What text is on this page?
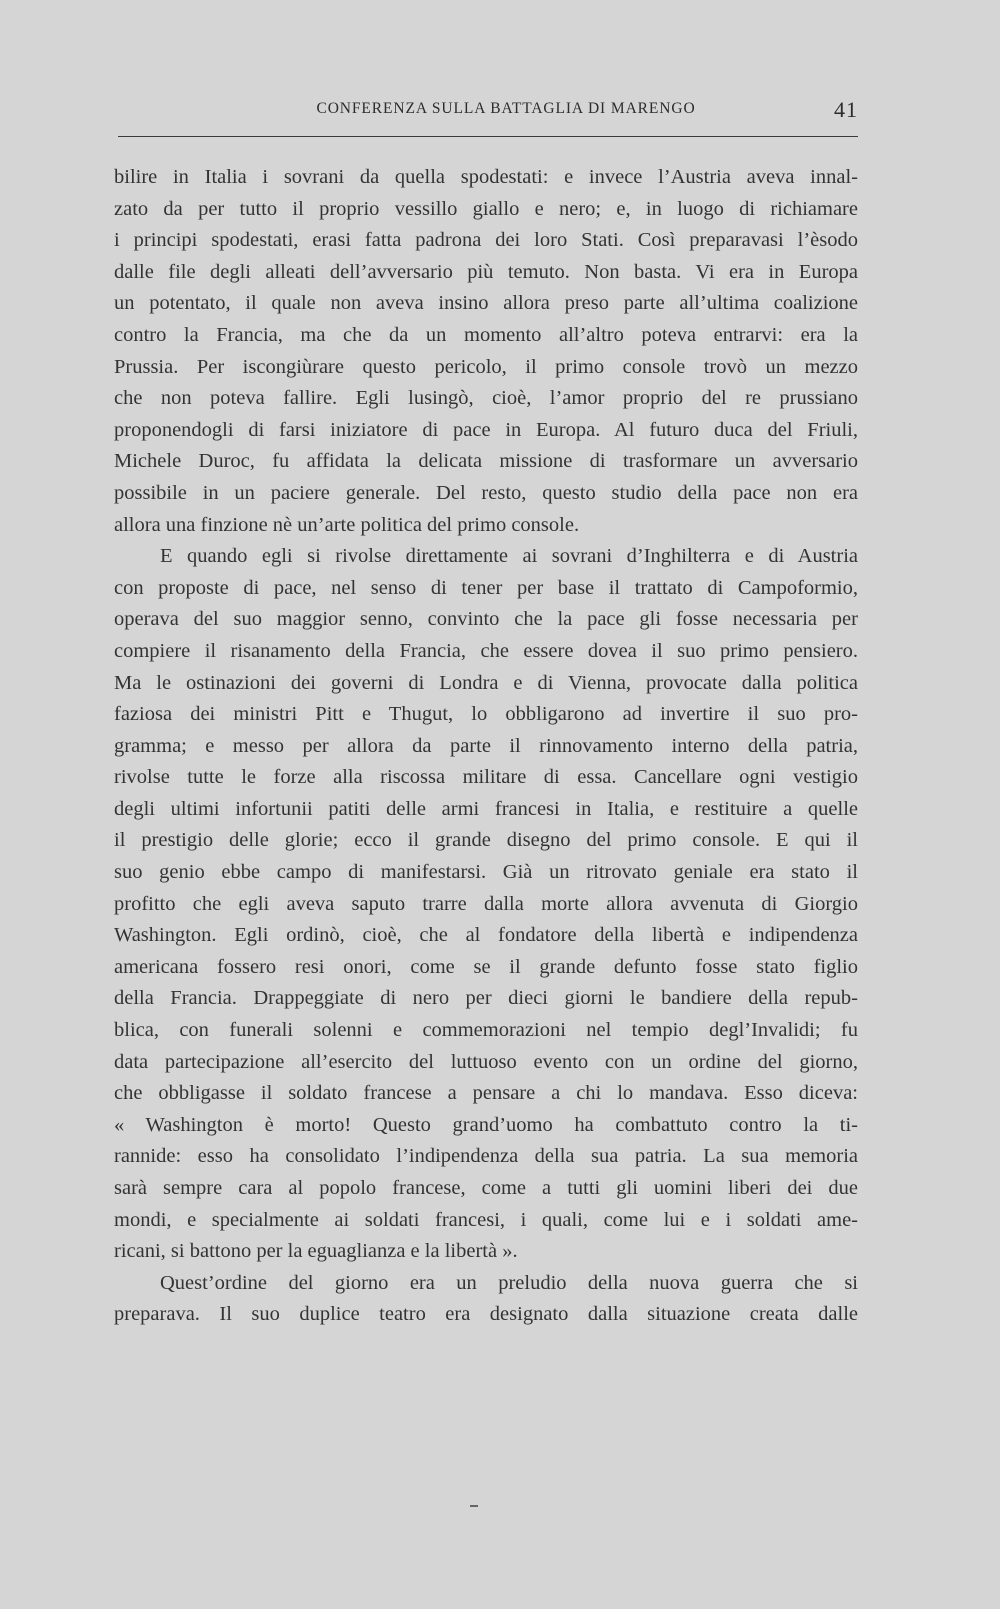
CONFERENZA SULLA BATTAGLIA DI MARENGO	41
bilire in Italia i sovrani da quella spodestati: e invece l’Austria aveva innal-
zato da per tutto il proprio vessillo giallo e nero; e, in luogo di richiamare
i principi spodestati, erasi fatta padrona dei loro Stati. Così preparavasi l’èsodo
dalle file degli alleati dell’avversario più temuto. Non basta. Vi era in Europa
un potentato, il quale non aveva insino allora preso parte all’ultima coalizione
contro la Francia, ma che da un momento all’altro poteva entrarvi: era la
Prussia. Per iscongiùrare questo pericolo, il primo console trovò un mezzo
che non poteva fallire. Egli lusingò, cioè, l’amor proprio del re prussiano
proponendogli di farsi iniziatore di pace in Europa. Al futuro duca del Friuli,
Michele Duroc, fu affidata la delicata missione di trasformare un avversario
possibile in un paciere generale. Del resto, questo studio della pace non era
allora una finzione nè un’arte politica del primo console.
E quando egli si rivolse direttamente ai sovrani d’Inghilterra e di Austria
con proposte di pace, nel senso di tener per base il trattato di Campoformio,
operava del suo maggior senno, convinto che la pace gli fosse necessaria per
compiere il risanamento della Francia, che essere dovea il suo primo pensiero.
Ma le ostinazioni dei governi di Londra e di Vienna, provocate dalla politica
faziosa dei ministri Pitt e Thugut, lo obbligarono ad invertire il suo pro-
gramma; e messo per allora da parte il rinnovamento interno della patria,
rivolse tutte le forze alla riscossa militare di essa. Cancellare ogni vestigio
degli ultimi infortunii patiti delle armi francesi in Italia, e restituire a quelle
il prestigio delle glorie; ecco il grande disegno del primo console. E qui il
suo genio ebbe campo di manifestarsi. Già un ritrovato geniale era stato il
profitto che egli aveva saputo trarre dalla morte allora avvenuta di Giorgio
Washington. Egli ordinò, cioè, che al fondatore della libertà e indipendenza
americana fossero resi onori, come se il grande defunto fosse stato figlio
della Francia. Drappeggiate di nero per dieci giorni le bandiere della repub-
blica, con funerali solenni e commemorazioni nel tempio degl’Invalidi; fu
data partecipazione all’esercito del luttuoso evento con un ordine del giorno,
che obbligasse il soldato francese a pensare a chi lo mandava. Esso diceva:
« Washington è morto! Questo grand’uomo ha combattuto contro la ti-
rannide: esso ha consolidato l’indipendenza della sua patria. La sua memoria
sarà sempre cara al popolo francese, come a tutti gli uomini liberi dei due
mondi, e specialmente ai soldati francesi, i quali, come lui e i soldati ame-
ricani, si battono per la eguaglianza e la libertà ».
Quest’ordine del giorno era un preludio della nuova guerra che si
preparava. Il suo duplice teatro era designato dalla situazione creata dalle
